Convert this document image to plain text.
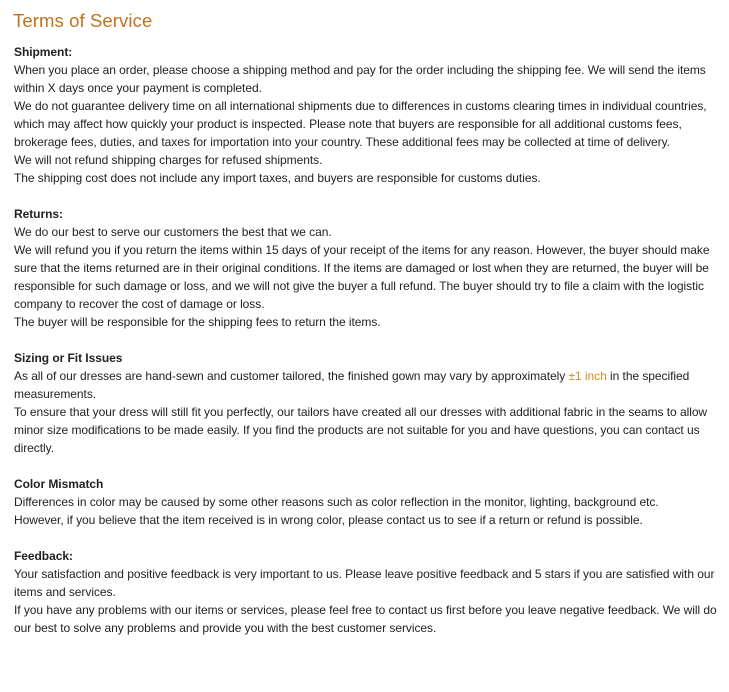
Terms of Service
Shipment:
When you place an order, please choose a shipping method and pay for the order including the shipping fee. We will send the items within X days once your payment is completed.
We do not guarantee delivery time on all international shipments due to differences in customs clearing times in individual countries, which may affect how quickly your product is inspected. Please note that buyers are responsible for all additional customs fees, brokerage fees, duties, and taxes for importation into your country. These additional fees may be collected at time of delivery.
We will not refund shipping charges for refused shipments.
The shipping cost does not include any import taxes, and buyers are responsible for customs duties.
Returns:
We do our best to serve our customers the best that we can.
We will refund you if you return the items within 15 days of your receipt of the items for any reason. However, the buyer should make sure that the items returned are in their original conditions. If the items are damaged or lost when they are returned, the buyer will be responsible for such damage or loss, and we will not give the buyer a full refund. The buyer should try to file a claim with the logistic company to recover the cost of damage or loss.
The buyer will be responsible for the shipping fees to return the items.
Sizing or Fit Issues
As all of our dresses are hand-sewn and customer tailored, the finished gown may vary by approximately ±1 inch in the specified measurements.
To ensure that your dress will still fit you perfectly, our tailors have created all our dresses with additional fabric in the seams to allow minor size modifications to be made easily. If you find the products are not suitable for you and have questions, you can contact us directly.
Color Mismatch
Differences in color may be caused by some other reasons such as color reflection in the monitor, lighting, background etc.
However, if you believe that the item received is in wrong color, please contact us to see if a return or refund is possible.
Feedback:
Your satisfaction and positive feedback is very important to us. Please leave positive feedback and 5 stars if you are satisfied with our items and services.
If you have any problems with our items or services, please feel free to contact us first before you leave negative feedback. We will do our best to solve any problems and provide you with the best customer services.
